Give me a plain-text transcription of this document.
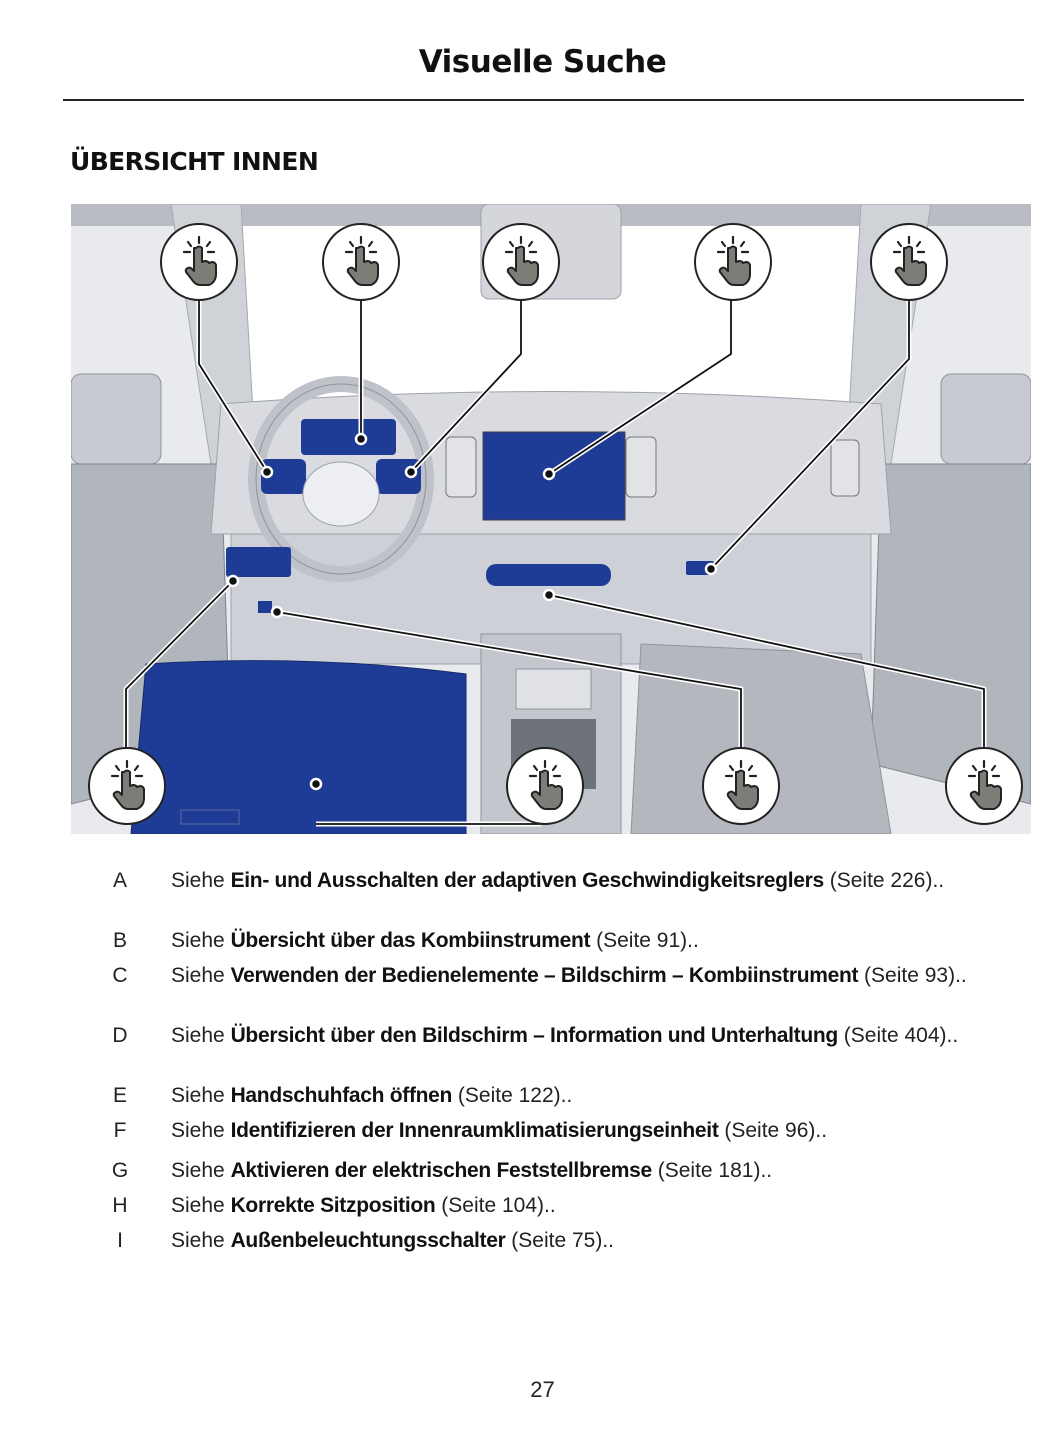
Visuelle Suche
ÜBERSICHT INNEN
A Siehe Ein- und Ausschalten der adaptiven Geschwindigkeitsreglers (Seite 226)..
B Siehe Übersicht über das Kombiinstrument (Seite 91)..
C Siehe Verwenden der Bedienelemente – Bildschirm – Kombiinstrument (Seite 93)..
D Siehe Übersicht über den Bildschirm – Information und Unterhaltung (Seite 404)..
E Siehe Handschuhfach öffnen (Seite 122)..
F Siehe Identifizieren der Innenraumklimatisierungseinheit (Seite 96)..
G Siehe Aktivieren der elektrischen Feststellbremse (Seite 181)..
H Siehe Korrekte Sitzposition (Seite 104)..
I	Siehe Außenbeleuchtungsschalter (Seite 75)..
27
